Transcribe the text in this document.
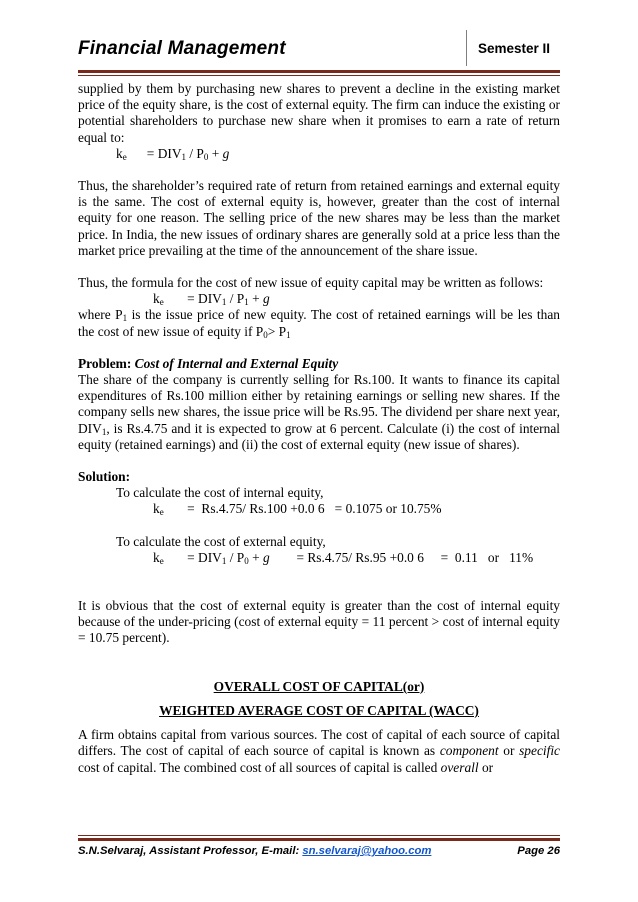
Financial Management	Semester II

supplied by them by purchasing new shares to prevent a decline in the existing market price of the equity share, is the cost of external equity. The firm can induce the existing or potential shareholders to purchase new share when it promises to earn a rate of return equal to:

$k_e$      = $DIV_1 / P_0 + g$

Thus, the shareholder’s required rate of return from retained earnings and external equity is the same. The cost of external equity is, however, greater than the cost of internal equity for one reason. The selling price of the new shares may be less than the market price. In India, the new issues of ordinary shares are generally sold at a price less than the market price prevailing at the time of the announcement of the share issue.

Thus, the formula for the cost of new issue of equity capital may be written as follows:

$k_e$       = $DIV_1 / P_1 + g$

where $P_1$ is the issue price of new equity. The cost of retained earnings will be les than the cost of new issue of equity if $P_0> P_1$

Problem: Cost of Internal and External Equity

The share of the company is currently selling for Rs.100. It wants to finance its capital expenditures of Rs.100 million either by retaining earnings or selling new shares. If the company sells new shares, the issue price will be Rs.95. The dividend per share next year, $DIV_1$, is Rs.4.75 and it is expected to grow at 6 percent. Calculate (i) the cost of internal equity (retained earnings) and (ii) the cost of external equity (new issue of shares).

Solution:

To calculate the cost of internal equity,
$k_e$       =  Rs.4.75/ Rs.100 +0.0 6   = 0.1075 or 10.75%
To calculate the cost of external equity,
$k_e$       = $DIV_1 / P_0 + g$        = Rs.4.75/ Rs.95 +0.0 6     =  0.11   or   11%

It is obvious that the cost of external equity is greater than the cost of internal equity because of the under-pricing (cost of external equity = 11 percent > cost of internal equity = 10.75 percent).

OVERALL COST OF CAPITAL(or)
WEIGHTED AVERAGE COST OF CAPITAL (WACC)

A firm obtains capital from various sources. The cost of capital of each source of capital differs. The cost of capital of each source of capital is known as component or specific cost of capital. The combined cost of all sources of capital is called overall or

S.N.Selvaraj, Assistant Professor, E-mail: sn.selvaraj@yahoo.com	Page 26
